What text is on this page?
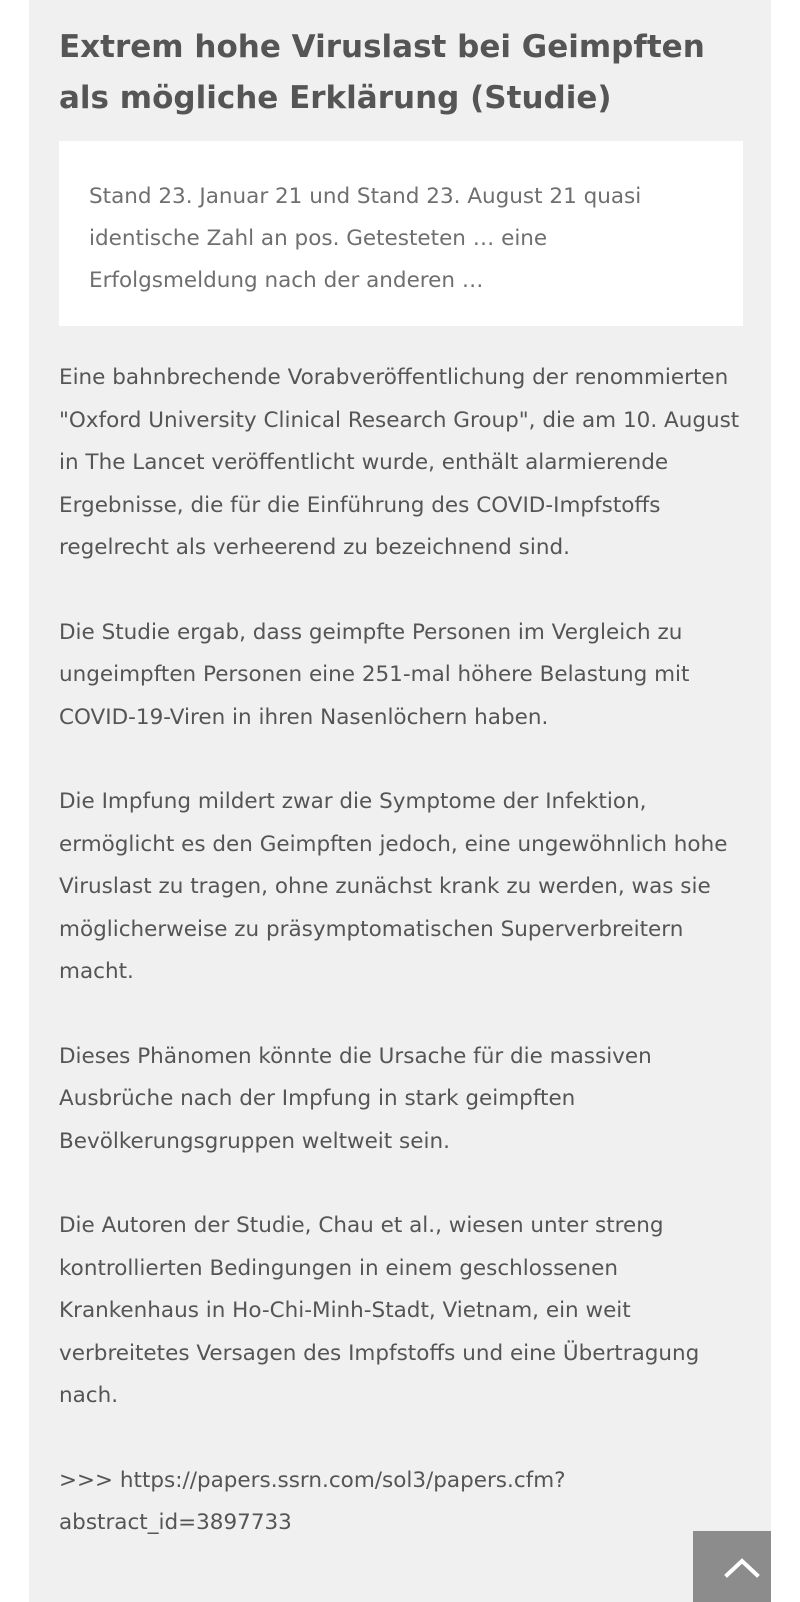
Extrem hohe Viruslast bei Geimpften als mögliche Erklärung (Studie)

Stand 23. Januar 21 und Stand 23. August 21 quasi identische Zahl an pos. Getesteten … eine Erfolgsmeldung nach der anderen …

Eine bahnbrechende Vorabveröffentlichung der renommierten "Oxford University Clinical Research Group", die am 10. August in The Lancet veröffentlicht wurde, enthält alarmierende Ergebnisse, die für die Einführung des COVID-Impfstoffs regelrecht als verheerend zu bezeichnend sind.

Die Studie ergab, dass geimpfte Personen im Vergleich zu ungeimpften Personen eine 251-mal höhere Belastung mit COVID-19-Viren in ihren Nasenlöchern haben.

Die Impfung mildert zwar die Symptome der Infektion, ermöglicht es den Geimpften jedoch, eine ungewöhnlich hohe Viruslast zu tragen, ohne zunächst krank zu werden, was sie möglicherweise zu präsymptomatischen Superverbreitern macht.

Dieses Phänomen könnte die Ursache für die massiven Ausbrüche nach der Impfung in stark geimpften Bevölkerungsgruppen weltweit sein.

Die Autoren der Studie, Chau et al., wiesen unter streng kontrollierten Bedingungen in einem geschlossenen Krankenhaus in Ho-Chi-Minh-Stadt, Vietnam, ein weit verbreitetes Versagen des Impfstoffs und eine Übertragung nach.

>>> https://papers.ssrn.com/sol3/papers.cfm?abstract_id=3897733
